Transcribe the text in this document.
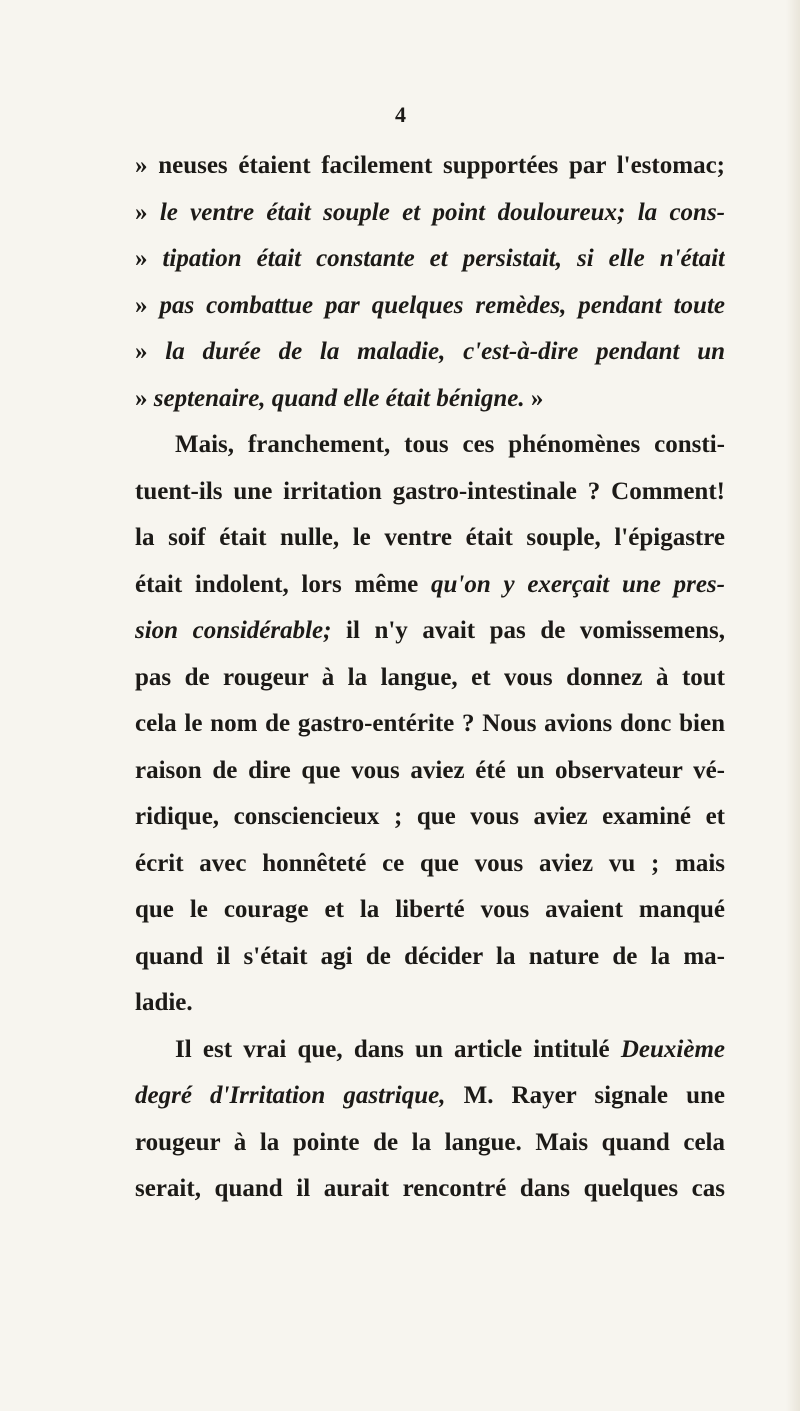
4
» neuses étaient facilement supportées par l'estomac;
» le ventre était souple et point douloureux; la cons-
» tipation était constante et persistait, si elle n'était
» pas combattue par quelques remèdes, pendant toute
» la durée de la maladie, c'est-à-dire pendant un
» septenaire, quand elle était bénigne. »
Mais, franchement, tous ces phénomènes consti-
tuent-ils une irritation gastro-intestinale ? Comment!
la soif était nulle, le ventre était souple, l'épigastre
était indolent, lors même qu'on y exerçait une pres-
sion considérable; il n'y avait pas de vomissemens,
pas de rougeur à la langue, et vous donnez à tout
cela le nom de gastro-entérite ? Nous avions donc bien
raison de dire que vous aviez été un observateur vé-
ridique, consciencieux ; que vous aviez examiné et
écrit avec honnêteté ce que vous aviez vu ; mais
que le courage et la liberté vous avaient manqué
quand il s'était agi de décider la nature de la ma-
ladie.
Il est vrai que, dans un article intitulé Deuxième
degré d'Irritation gastrique, M. Rayer signale une
rougeur à la pointe de la langue. Mais quand cela
serait, quand il aurait rencontré dans quelques cas
